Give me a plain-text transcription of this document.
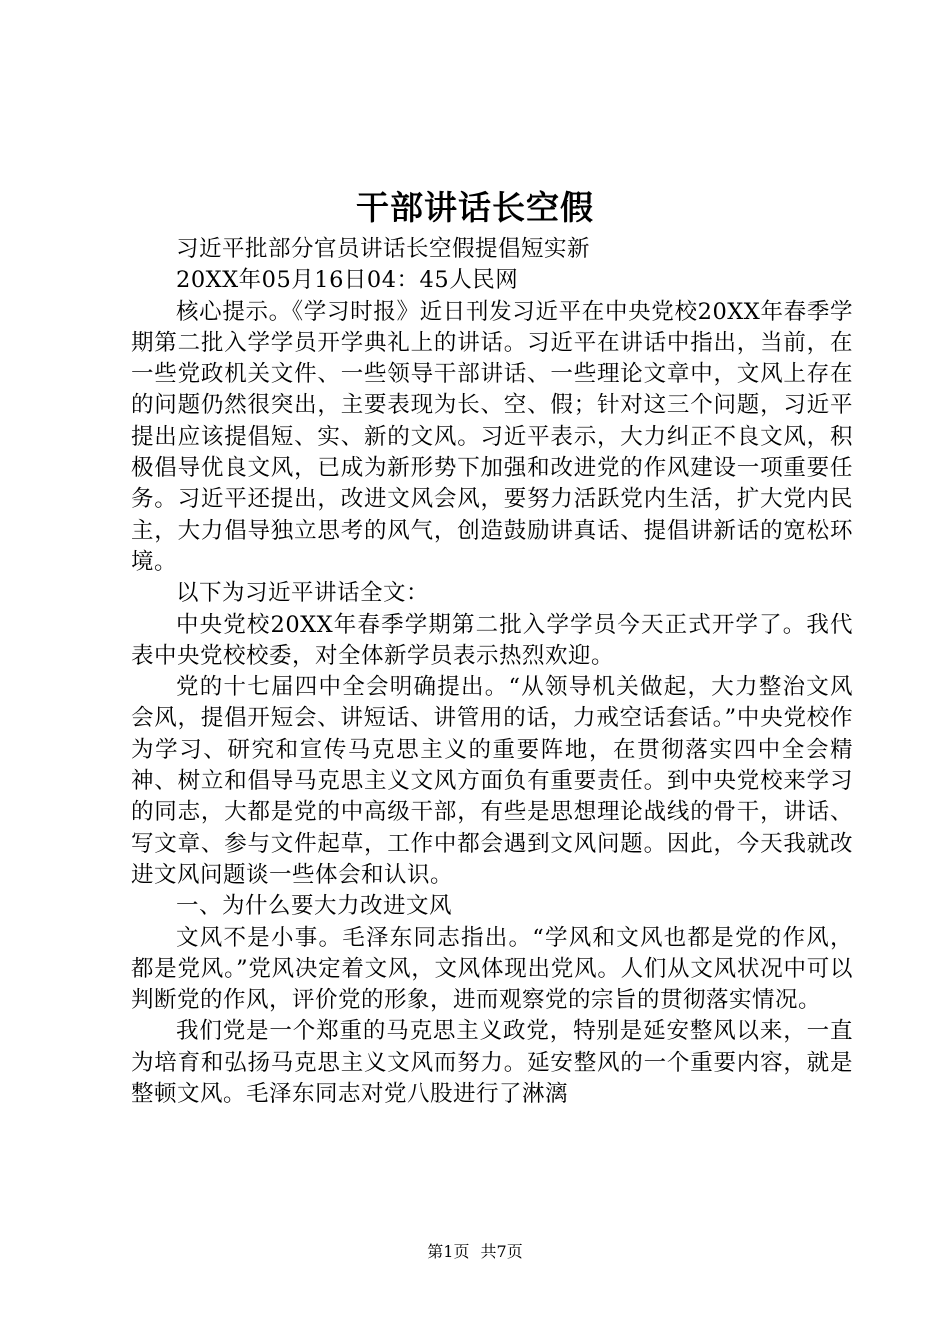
干部讲话长空假

习近平批部分官员讲话长空假提倡短实新

20XX年05月16日04：45人民网

核心提示。《学习时报》近日刊发习近平在中央党校20XX年春季学期第二批入学学员开学典礼上的讲话。习近平在讲话中指出，当前，在一些党政机关文件、一些领导干部讲话、一些理论文章中，文风上存在的问题仍然很突出，主要表现为长、空、假；针对这三个问题，习近平提出应该提倡短、实、新的文风。习近平表示，大力纠正不良文风，积极倡导优良文风，已成为新形势下加强和改进党的作风建设一项重要任务。习近平还提出，改进文风会风，要努力活跃党内生活，扩大党内民主，大力倡导独立思考的风气，创造鼓励讲真话、提倡讲新话的宽松环境。

以下为习近平讲话全文：

中央党校20XX年春季学期第二批入学学员今天正式开学了。我代表中央党校校委，对全体新学员表示热烈欢迎。

党的十七届四中全会明确提出。“从领导机关做起，大力整治文风会风，提倡开短会、讲短话、讲管用的话，力戒空话套话。”中央党校作为学习、研究和宣传马克思主义的重要阵地，在贯彻落实四中全会精神、树立和倡导马克思主义文风方面负有重要责任。到中央党校来学习的同志，大都是党的中高级干部，有些是思想理论战线的骨干，讲话、写文章、参与文件起草，工作中都会遇到文风问题。因此，今天我就改进文风问题谈一些体会和认识。

一、为什么要大力改进文风

文风不是小事。毛泽东同志指出。“学风和文风也都是党的作风，都是党风。”党风决定着文风，文风体现出党风。人们从文风状况中可以判断党的作风，评价党的形象，进而观察党的宗旨的贯彻落实情况。

我们党是一个郑重的马克思主义政党，特别是延安整风以来，一直为培育和弘扬马克思主义文风而努力。延安整风的一个重要内容，就是整顿文风。毛泽东同志对党八股进行了淋漓

第1页 共7页
